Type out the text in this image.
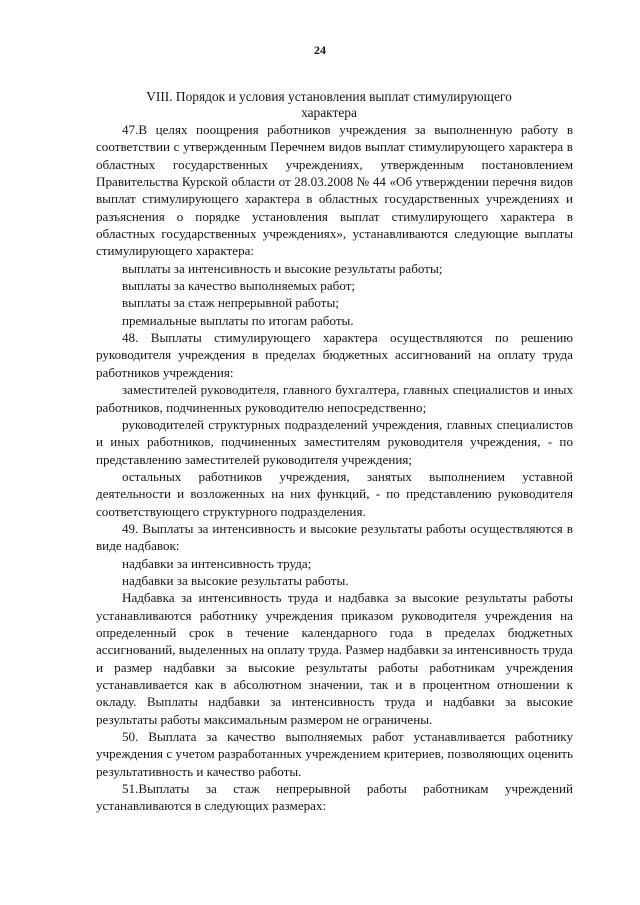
24
VIII. Порядок и условия установления выплат стимулирующего
характера

47.В целях поощрения работников учреждения за выполненную работу в соответствии с утвержденным Перечнем видов выплат стимулирующего характера в областных государственных учреждениях, утвержденным постановлением Правительства Курской области от 28.03.2008 № 44 «Об утверждении перечня видов выплат стимулирующего характера в областных государственных учреждениях и разъяснения о порядке установления выплат стимулирующего характера в областных государственных учреждениях», устанавливаются следующие выплаты стимулирующего характера:

выплаты за интенсивность и высокие результаты работы;

выплаты за качество выполняемых работ;

выплаты за стаж непрерывной работы;

премиальные выплаты по итогам работы.

48. Выплаты стимулирующего характера осуществляются по решению руководителя учреждения в пределах бюджетных ассигнований на оплату труда работников учреждения:

заместителей руководителя, главного бухгалтера, главных специалистов и иных работников, подчиненных руководителю непосредственно;

руководителей структурных подразделений учреждения, главных специалистов и иных работников, подчиненных заместителям руководителя учреждения, - по представлению заместителей руководителя учреждения;

остальных работников учреждения, занятых выполнением уставной деятельности и возложенных на них функций, - по представлению руководителя соответствующего структурного подразделения.

49. Выплаты за интенсивность и высокие результаты работы осуществляются в виде надбавок:

надбавки за интенсивность труда;

надбавки за высокие результаты работы.

Надбавка за интенсивность труда и надбавка за высокие результаты работы устанавливаются работнику учреждения приказом руководителя учреждения на определенный срок в течение календарного года в пределах бюджетных ассигнований, выделенных на оплату труда. Размер надбавки за интенсивность труда и размер надбавки за высокие результаты работы работникам учреждения устанавливается как в абсолютном значении, так и в процентном отношении к окладу. Выплаты надбавки за интенсивность труда и надбавки за высокие результаты работы максимальным размером не ограничены.

50. Выплата за качество выполняемых работ устанавливается работнику учреждения с учетом разработанных учреждением критериев, позволяющих оценить результативность и качество работы.

51.Выплаты за стаж непрерывной работы работникам учреждений устанавливаются в следующих размерах:
